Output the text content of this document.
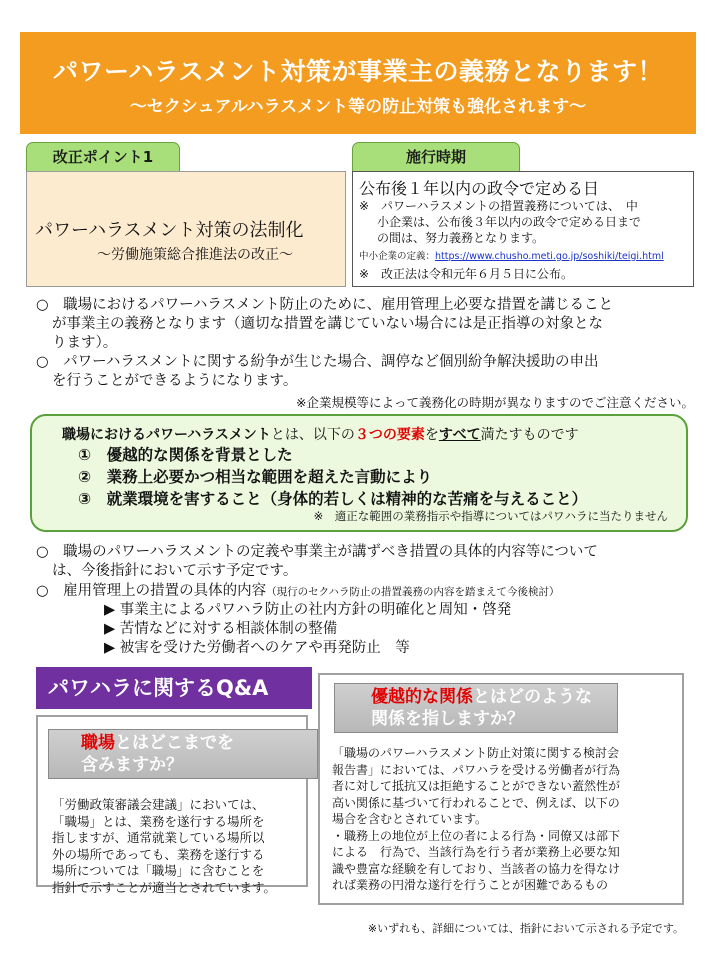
パワーハラスメント対策が事業主の義務となります！
〜セクシュアルハラスメント等の防止対策も強化されます〜
改正ポイント1
パワーハラスメント対策の法制化
〜労働施策総合推進法の改正〜
施行時期
公布後１年以内の政令で定める日
※　パワーハラスメントの措置義務については、　中
小企業は、公布後３年以内の政令で定める日まで
の間は、努力義務となります。
中小企業の定義：https://www.chusho.meti.go.jp/soshiki/teigi.html
※　改正法は令和元年６月５日に公布。
○　職場におけるパワーハラスメント防止のために、雇用管理上必要な措置を講じること
が事業主の義務となります（適切な措置を講じていない場合には是正指導の対象とな
ります）。
○　パワーハラスメントに関する紛争が生じた場合、調停など個別紛争解決援助の申出
を行うことができるようになります。
※企業規模等によって義務化の時期が異なりますのでご注意ください。
職場におけるパワーハラスメントとは、以下の３つの要素をすべて満たすものです
①　優越的な関係を背景とした
②　業務上必要かつ相当な範囲を超えた言動により
③　就業環境を害すること（身体的若しくは精神的な苦痛を与えること）
※　適正な範囲の業務指示や指導についてはパワハラに当たりません
○　職場のパワーハラスメントの定義や事業主が講ずべき措置の具体的内容等について
は、今後指針において示す予定です。
○　雇用管理上の措置の具体的内容（現行のセクハラ防止の措置義務の内容を踏まえて今後検討）
▶ 事業主によるパワハラ防止の社内方針の明確化と周知・啓発
▶ 苦情などに対する相談体制の整備
▶ 被害を受けた労働者へのケアや再発防止　等
パワハラに関するQ&A
職場とはどこまでを
含みますか？
「労働政策審議会建議」においては、
「職場」とは、業務を遂行する場所を
指しますが、通常就業している場所以
外の場所であっても、業務を遂行する
場所については「職場」に含むことを
指針で示すことが適当とされています。
優越的な関係とはどのような
関係を指しますか？
「職場のパワーハラスメント防止対策に関する検討会
報告書」においては、パワハラを受ける労働者が行為
者に対して抵抗又は拒絶することができない蓋然性が
高い関係に基づいて行われることで、例えば、以下の
場合を含むとされています。
・職務上の地位が上位の者による行為・同僚又は部下
による　行為で、当該行為を行う者が業務上必要な知
識や豊富な経験を有しており、当該者の協力を得なけ
れば業務の円滑な遂行を行うことが困難であるもの
※いずれも、詳細については、指針において示される予定です。
